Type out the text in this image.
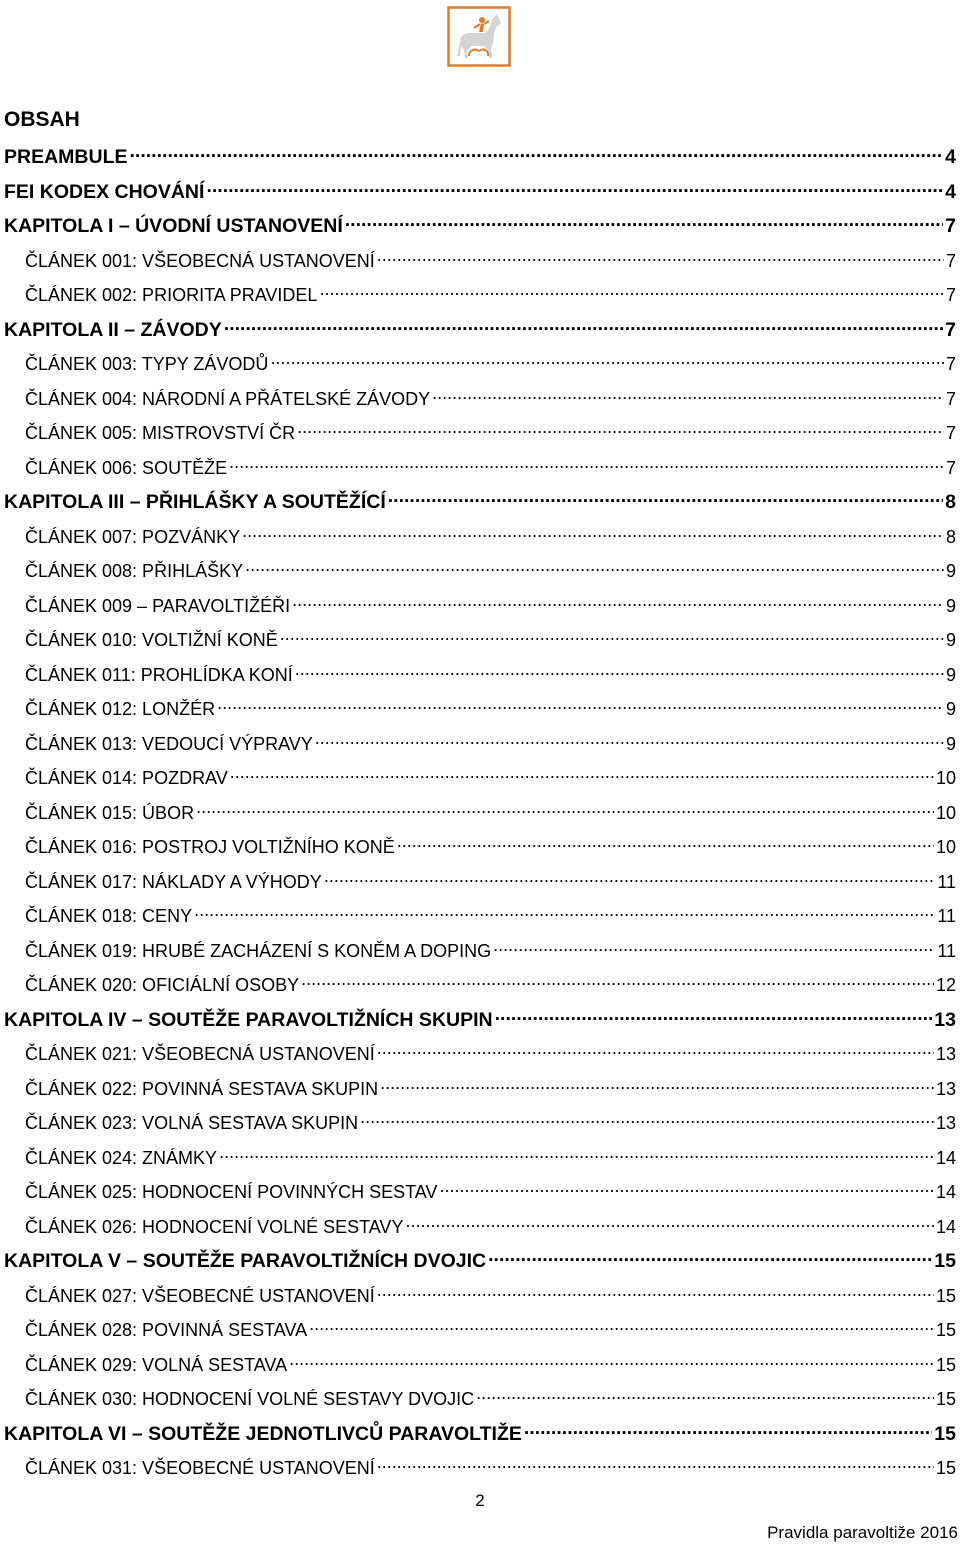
OBSAH
PREAMBULE .....	4
FEI KODEX CHOVÁNÍ .....	4
KAPITOLA I – ÚVODNÍ USTANOVENÍ .....	7
ČLÁNEK 001: VŠEOBECNÁ USTANOVENÍ .....	7
ČLÁNEK 002: PRIORITA PRAVIDEL .....	7
KAPITOLA II – ZÁVODY .....	7
ČLÁNEK 003: TYPY ZÁVODŮ .....	7
ČLÁNEK 004: NÁRODNÍ A PŘÁTELSKÉ ZÁVODY .....	7
ČLÁNEK 005: MISTROVSTVÍ ČR .....	7
ČLÁNEK 006: SOUTĚŽE .....	7
KAPITOLA III – PŘIHLÁŠKY A SOUTĚŽÍCÍ .....	8
ČLÁNEK 007: POZVÁNKY .....	8
ČLÁNEK 008: PŘIHLÁŠKY .....	9
ČLÁNEK 009 – PARAVOLTIŽÉŘI .....	9
ČLÁNEK 010: VOLTIŽNÍ KONĚ .....	9
ČLÁNEK 011: PROHLÍDKA KONÍ .....	9
ČLÁNEK 012: LONŽÉR .....	9
ČLÁNEK 013: VEDOUCÍ VÝPRAVY .....	9
ČLÁNEK 014: POZDRAV .....	10
ČLÁNEK 015: ÚBOR .....	10
ČLÁNEK 016: POSTROJ VOLTIŽNÍHO KONĚ .....	10
ČLÁNEK 017: NÁKLADY A VÝHODY .....	11
ČLÁNEK 018: CENY .....	11
ČLÁNEK 019: HRUBÉ ZACHÁZENÍ S KONĚM A DOPING .....	11
ČLÁNEK 020: OFICIÁLNÍ OSOBY .....	12
KAPITOLA IV – SOUTĚŽE PARAVOLTIŽNÍCH SKUPIN .....	13
ČLÁNEK 021: VŠEOBECNÁ USTANOVENÍ .....	13
ČLÁNEK 022: POVINNÁ SESTAVA SKUPIN .....	13
ČLÁNEK 023: VOLNÁ SESTAVA SKUPIN .....	13
ČLÁNEK 024: ZNÁMKY .....	14
ČLÁNEK 025: HODNOCENÍ POVINNÝCH SESTAV .....	14
ČLÁNEK 026: HODNOCENÍ VOLNÉ SESTAVY .....	14
KAPITOLA V – SOUTĚŽE PARAVOLTIŽNÍCH DVOJIC .....	15
ČLÁNEK 027: VŠEOBECNÉ USTANOVENÍ .....	15
ČLÁNEK 028: POVINNÁ SESTAVA .....	15
ČLÁNEK 029: VOLNÁ SESTAVA .....	15
ČLÁNEK 030: HODNOCENÍ VOLNÉ SESTAVY DVOJIC .....	15
KAPITOLA VI – SOUTĚŽE JEDNOTLIVCŮ PARAVOLTIŽE .....	15
ČLÁNEK 031: VŠEOBECNÉ USTANOVENÍ .....	15
2
Pravidla paravoltiže 2016
